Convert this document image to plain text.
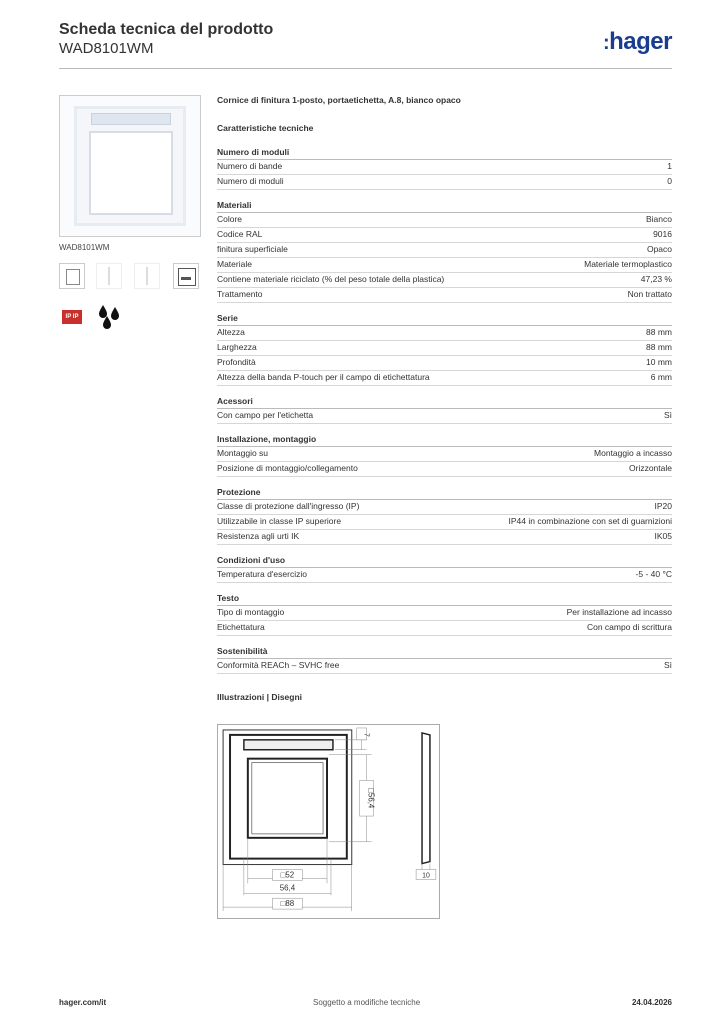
Scheda tecnica del prodotto
WAD8101WM	:hager
WAD8101WM
IP IP
Cornice di finitura 1-posto, portaetichetta, A.8, bianco opaco
Caratteristiche tecniche
Numero di moduli
Numero di bande	1
Numero di moduli	0
Materiali
Colore	Bianco
Codice RAL	9016
finitura superficiale	Opaco
Materiale	Materiale termoplastico
Contiene materiale riciclato (% del peso totale della plastica)	47,23 %
Trattamento	Non trattato
Serie
Altezza	88 mm
Larghezza	88 mm
Profondità	10 mm
Altezza della banda P-touch per il campo di etichettatura	6 mm
Acessori
Con campo per l'etichetta	Sì
Installazione, montaggio
Montaggio su	Montaggio a incasso
Posizione di montaggio/collegamento	Orizzontale
Protezione
Classe di protezione dall'ingresso (IP)	IP20
Utilizzabile in classe IP superiore	IP44 in combinazione con set di guarnizioni
Resistenza agli urti IK	IK05
Condizioni d'uso
Temperatura d'esercizio	-5 - 40 °C
Testo
Tipo di montaggio	Per installazione ad incasso
Etichettatura	Con campo di scrittura
Sostenibilità
Conformità REACh – SVHC free	Sì
Illustrazioni | Disegni
10
7
□56,4
□52
56,4
□88
hager.com/it	Soggetto a modifiche tecniche	24.04.2026
